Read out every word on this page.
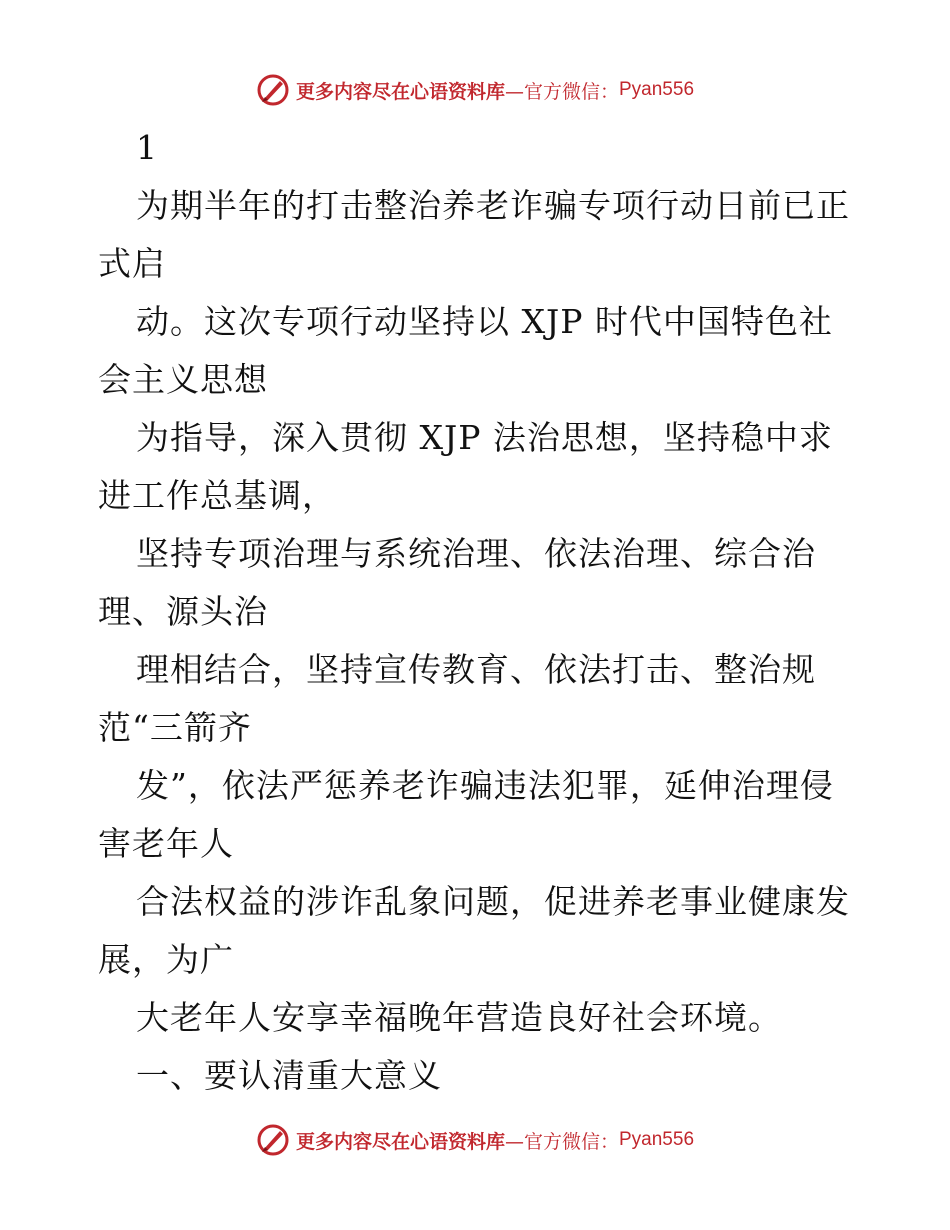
更多内容尽在心语资料库 —官方微信： Pyan556
1
为期半年的打击整治养老诈骗专项行动日前已正
式启
动。这次专项行动坚持以 XJP 时代中国特色社
会主义思想
为指导，深入贯彻 XJP 法治思想，坚持稳中求
进工作总基调，
坚持专项治理与系统治理、依法治理、综合治
理、源头治
理相结合，坚持宣传教育、依法打击、整治规
范“三箭齐
发”，依法严惩养老诈骗违法犯罪，延伸治理侵
害老年人
合法权益的涉诈乱象问题，促进养老事业健康发
展，为广
大老年人安享幸福晚年营造良好社会环境。
一、要认清重大意义
更多内容尽在心语资料库 —官方微信： Pyan556
